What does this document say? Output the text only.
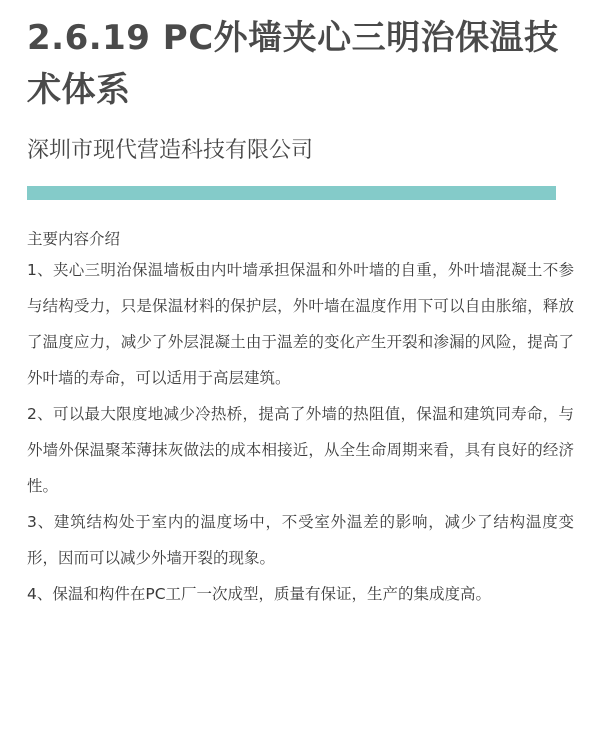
2.6.19 PC外墙夹心三明治保温技术体系
深圳市现代营造科技有限公司
主要内容介绍

1、夹心三明治保温墙板由内叶墙承担保温和外叶墙的自重，外叶墙混凝土不参与结构受力，只是保温材料的保护层，外叶墙在温度作用下可以自由胀缩，释放了温度应力，减少了外层混凝土由于温差的变化产生开裂和渗漏的风险，提高了外叶墙的寿命，可以适用于高层建筑。

2、可以最大限度地减少冷热桥，提高了外墙的热阻值，保温和建筑同寿命，与外墙外保温聚苯薄抹灰做法的成本相接近，从全生命周期来看，具有良好的经济性。

3、建筑结构处于室内的温度场中，不受室外温差的影响，减少了结构温度变形，因而可以减少外墙开裂的现象。

4、保温和构件在PC工厂一次成型，质量有保证，生产的集成度高。
